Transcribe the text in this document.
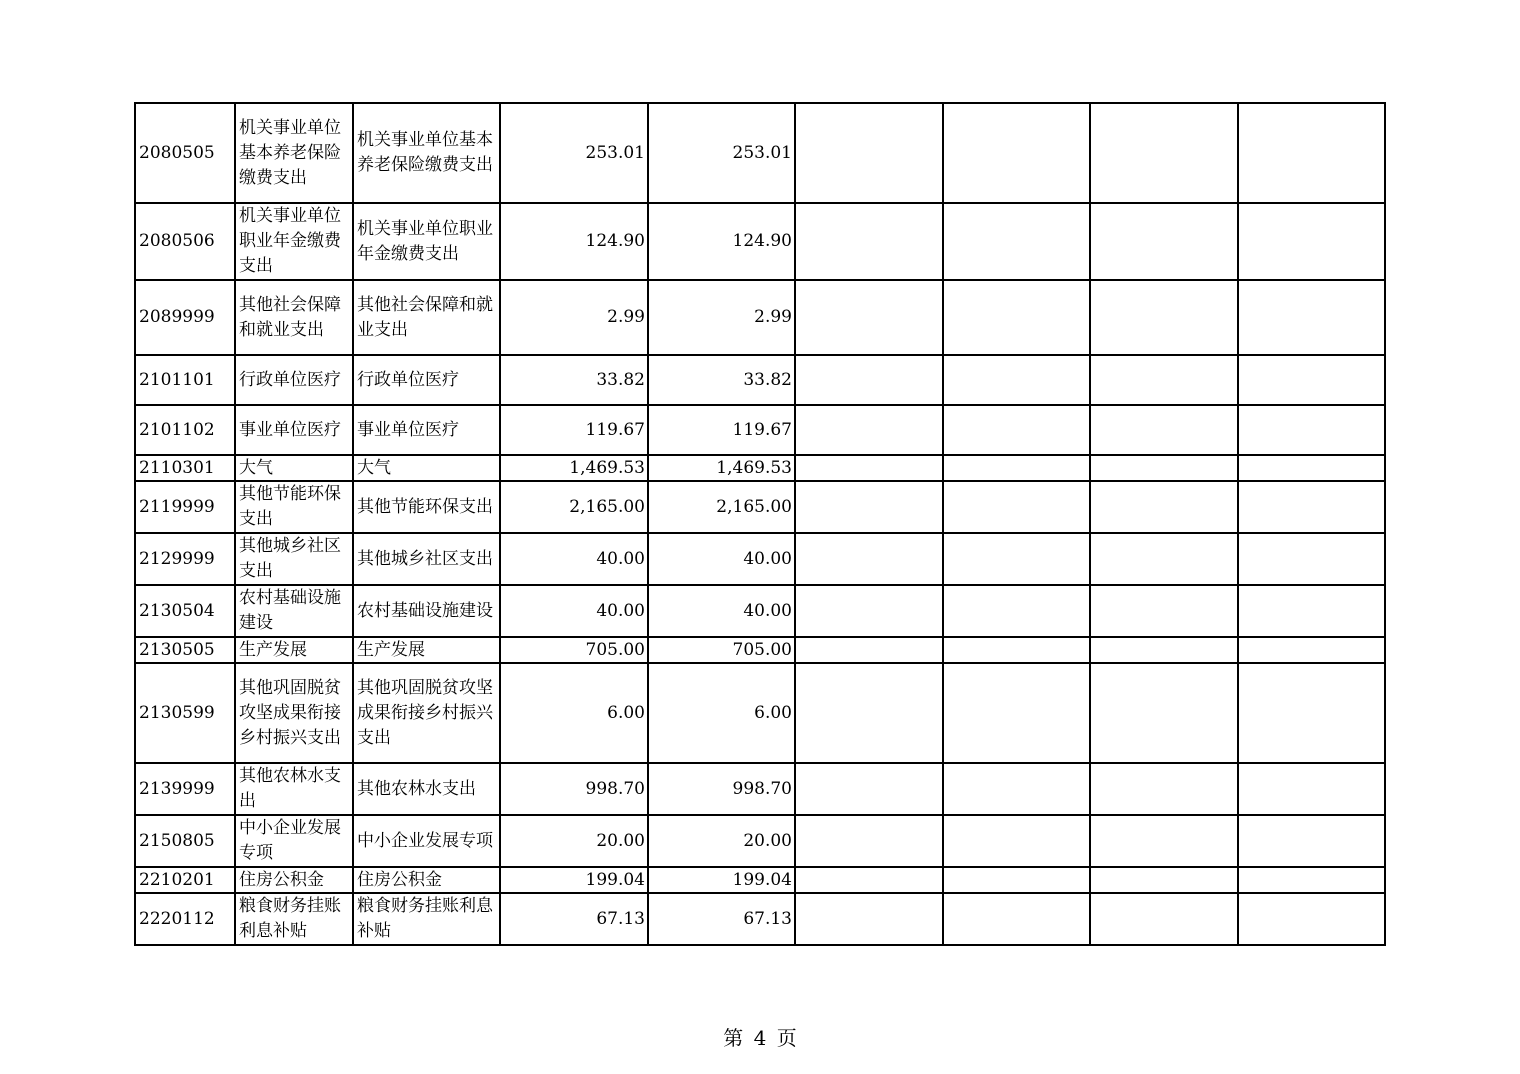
2080505	机关事业单位基本养老保险缴费支出	机关事业单位基本养老保险缴费支出	253.01	253.01				
2080506	机关事业单位职业年金缴费支出	机关事业单位职业年金缴费支出	124.90	124.90				
2089999	其他社会保障和就业支出	其他社会保障和就业支出	2.99	2.99				
2101101	行政单位医疗	行政单位医疗	33.82	33.82				
2101102	事业单位医疗	事业单位医疗	119.67	119.67				
2110301	大气	大气	1,469.53	1,469.53				
2119999	其他节能环保支出	其他节能环保支出	2,165.00	2,165.00				
2129999	其他城乡社区支出	其他城乡社区支出	40.00	40.00				
2130504	农村基础设施建设	农村基础设施建设	40.00	40.00				
2130505	生产发展	生产发展	705.00	705.00				
2130599	其他巩固脱贫攻坚成果衔接乡村振兴支出	其他巩固脱贫攻坚成果衔接乡村振兴支出	6.00	6.00				
2139999	其他农林水支出	其他农林水支出	998.70	998.70				
2150805	中小企业发展专项	中小企业发展专项	20.00	20.00				
2210201	住房公积金	住房公积金	199.04	199.04				
2220112	粮食财务挂账利息补贴	粮食财务挂账利息补贴	67.13	67.13				
第 4 页
